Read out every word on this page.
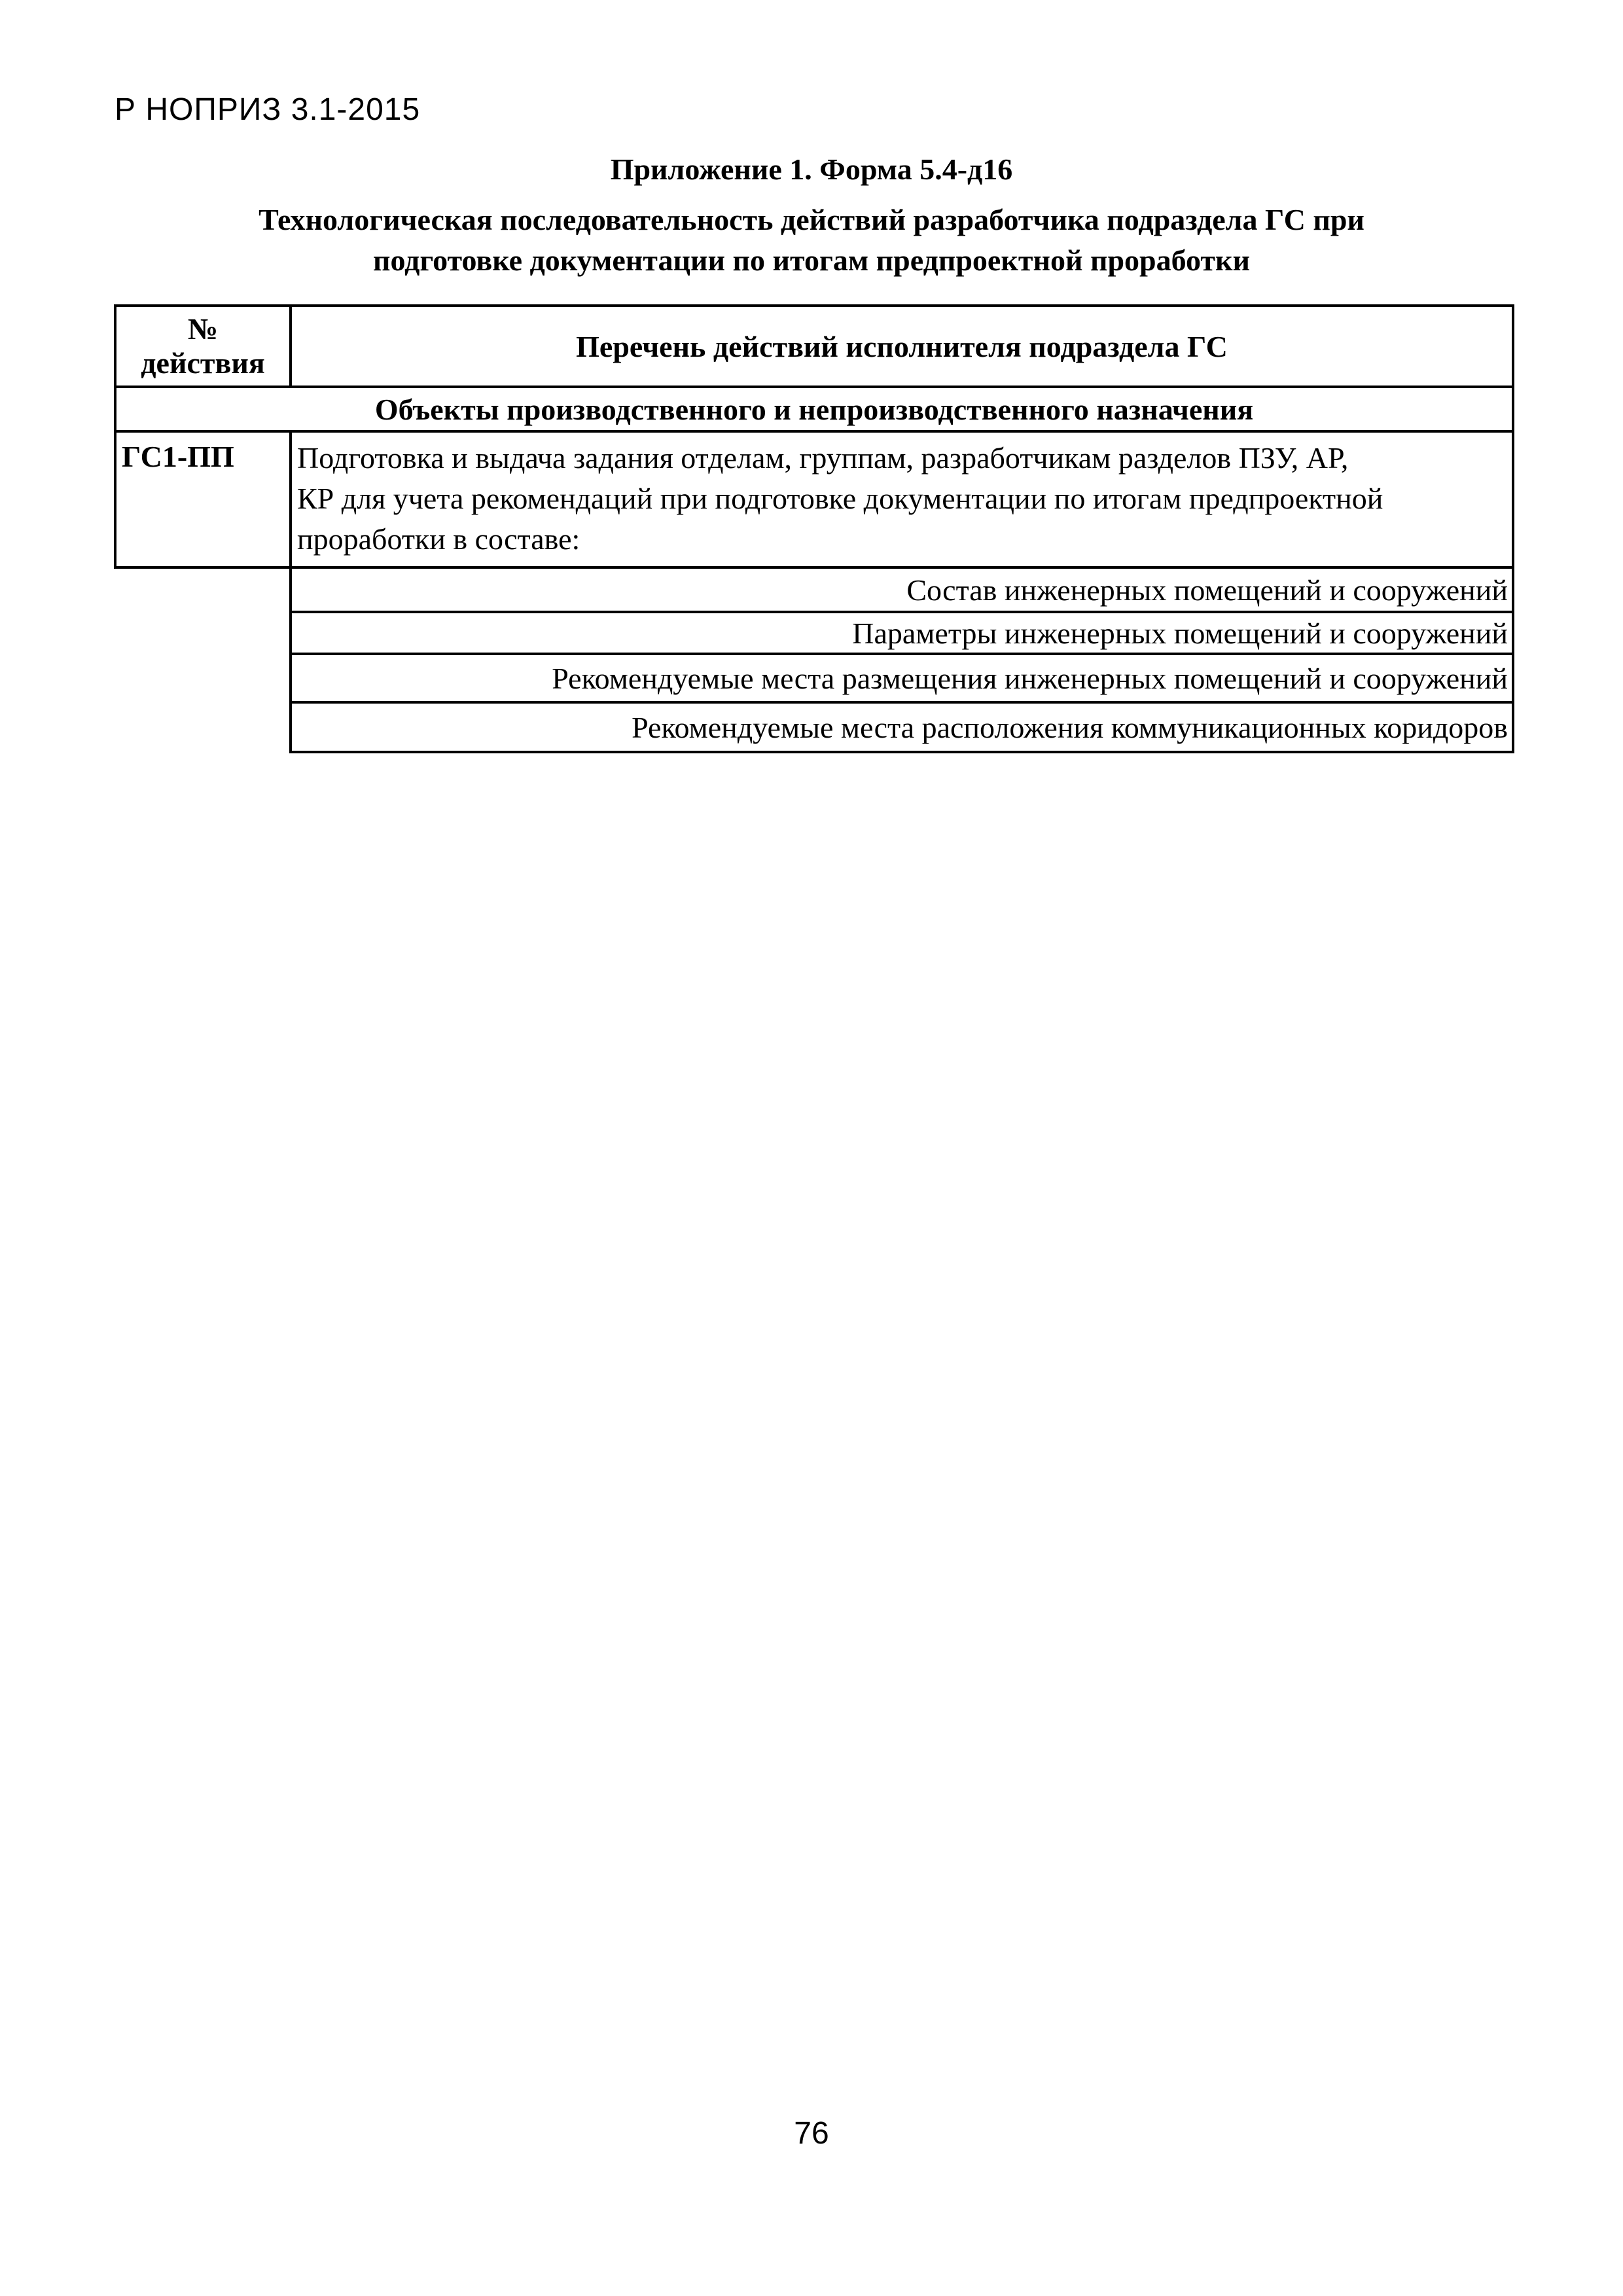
Р НОПРИЗ 3.1-2015
Приложение 1. Форма 5.4-д16
Технологическая последовательность действий разработчика подраздела ГС при
подготовке документации по итогам предпроектной проработки
№
действия	Перечень действий исполнителя подраздела ГС
Объекты производственного и непроизводственного назначения
ГС1-ПП	Подготовка и выдача задания отделам, группам, разработчикам разделов ПЗУ, АР,
КР для учета рекомендаций при подготовке документации по итогам предпроектной
проработки в составе:
Состав инженерных помещений и сооружений
Параметры инженерных помещений и сооружений
Рекомендуемые места размещения инженерных помещений и сооружений
Рекомендуемые места расположения коммуникационных коридоров
76
